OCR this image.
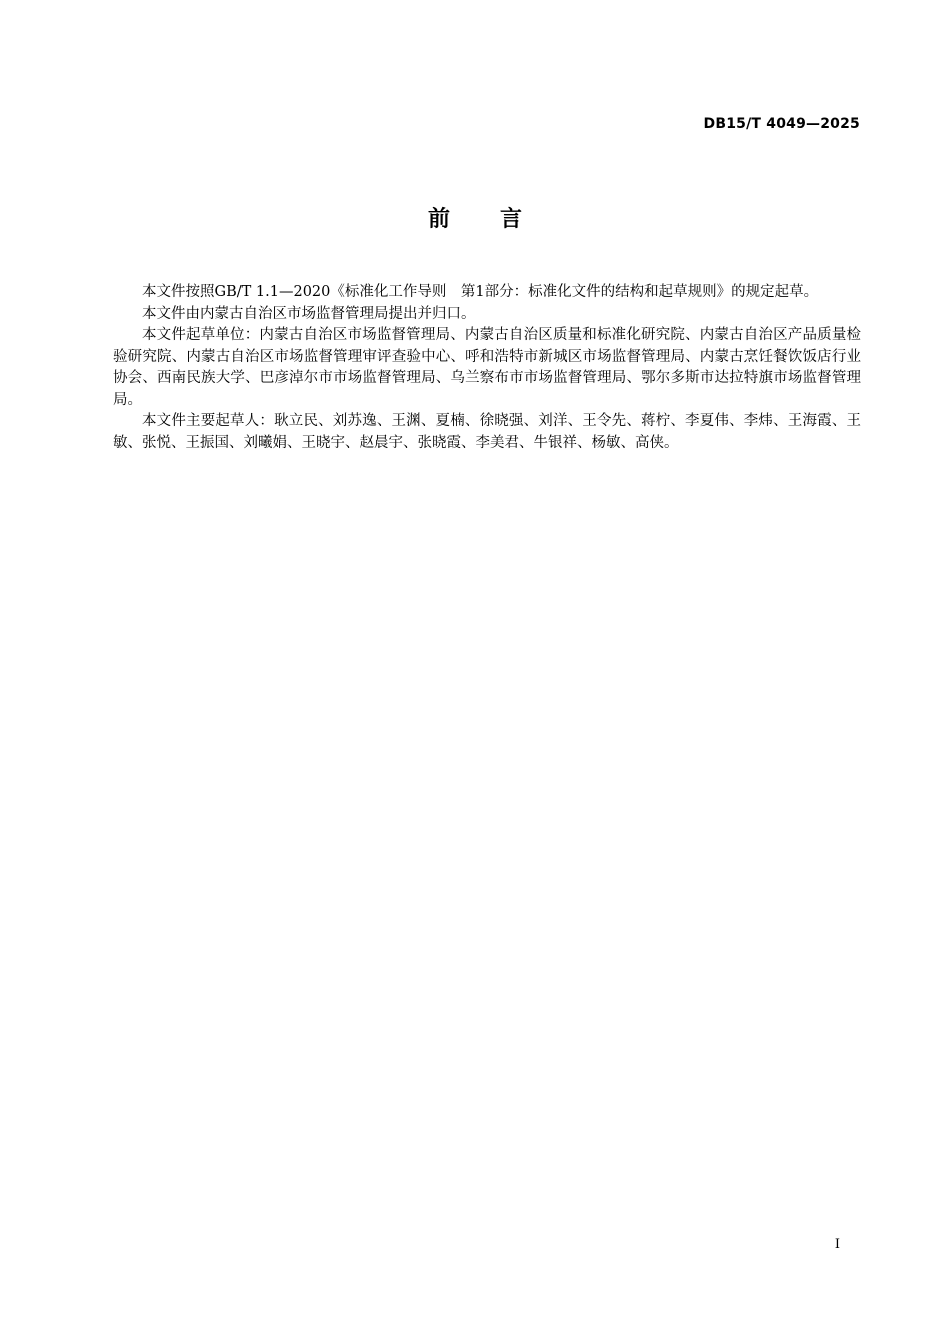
DB15/T 4049—2025
前言

本文件按照GB/T 1.1—2020《标准化工作导则　第1部分：标准化文件的结构和起草规则》的规定起草。

本文件由内蒙古自治区市场监督管理局提出并归口。

本文件起草单位：内蒙古自治区市场监督管理局、内蒙古自治区质量和标准化研究院、内蒙古自治区产品质量检验研究院、内蒙古自治区市场监督管理审评查验中心、呼和浩特市新城区市场监督管理局、内蒙古烹饪餐饮饭店行业协会、西南民族大学、巴彦淖尔市市场监督管理局、乌兰察布市市场监督管理局、鄂尔多斯市达拉特旗市场监督管理局。

本文件主要起草人：耿立民、刘苏逸、王渊、夏楠、徐晓强、刘洋、王令先、蒋柠、李夏伟、李炜、王海霞、王敏、张悦、王振国、刘曦娟、王晓宇、赵晨宇、张晓霞、李美君、牛银祥、杨敏、高侠。

I
